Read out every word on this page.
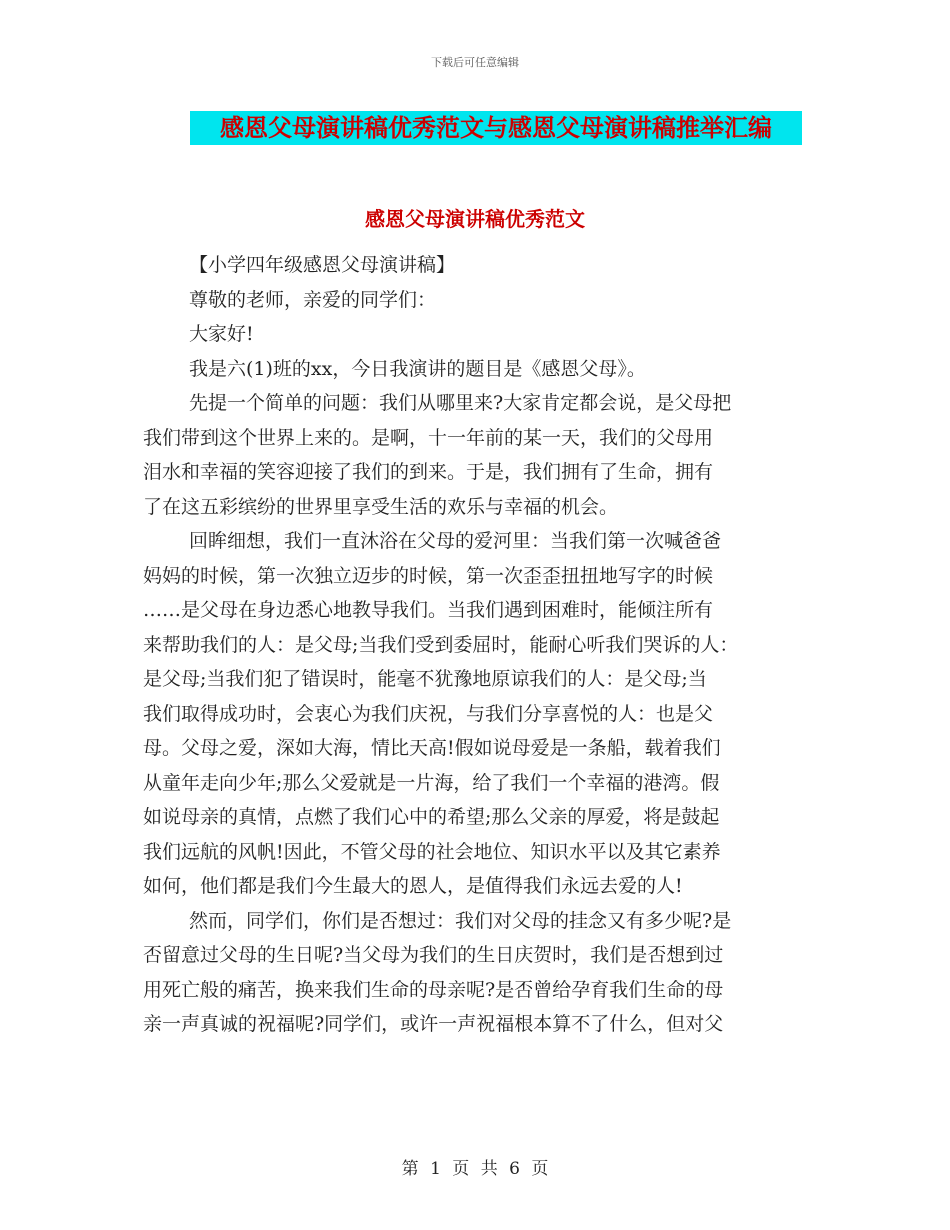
下载后可任意编辑
感恩父母演讲稿优秀范文与感恩父母演讲稿推举汇编
感恩父母演讲稿优秀范文

【小学四年级感恩父母演讲稿】

尊敬的老师，亲爱的同学们：

大家好!

我是六(1)班的xx，今日我演讲的题目是《感恩父母》。

先提一个简单的问题：我们从哪里来?大家肯定都会说，是父母把
我们带到这个世界上来的。是啊，十一年前的某一天，我们的父母用
泪水和幸福的笑容迎接了我们的到来。于是，我们拥有了生命，拥有
了在这五彩缤纷的世界里享受生活的欢乐与幸福的机会。
回眸细想，我们一直沐浴在父母的爱河里：当我们第一次喊爸爸
妈妈的时候，第一次独立迈步的时候，第一次歪歪扭扭地写字的时候
……是父母在身边悉心地教导我们。当我们遇到困难时，能倾注所有
来帮助我们的人：是父母;当我们受到委屈时，能耐心听我们哭诉的人：
是父母;当我们犯了错误时，能毫不犹豫地原谅我们的人：是父母;当
我们取得成功时，会衷心为我们庆祝，与我们分享喜悦的人：也是父
母。父母之爱，深如大海，情比天高!假如说母爱是一条船，载着我们
从童年走向少年;那么父爱就是一片海，给了我们一个幸福的港湾。假
如说母亲的真情，点燃了我们心中的希望;那么父亲的厚爱，将是鼓起
我们远航的风帆!因此，不管父母的社会地位、知识水平以及其它素养
如何，他们都是我们今生最大的恩人，是值得我们永远去爱的人!
然而，同学们，你们是否想过：我们对父母的挂念又有多少呢?是
否留意过父母的生日呢?当父母为我们的生日庆贺时，我们是否想到过
用死亡般的痛苦，换来我们生命的母亲呢?是否曾给孕育我们生命的母
亲一声真诚的祝福呢?同学们，或许一声祝福根本算不了什么，但对父
第 1 页 共 6 页
